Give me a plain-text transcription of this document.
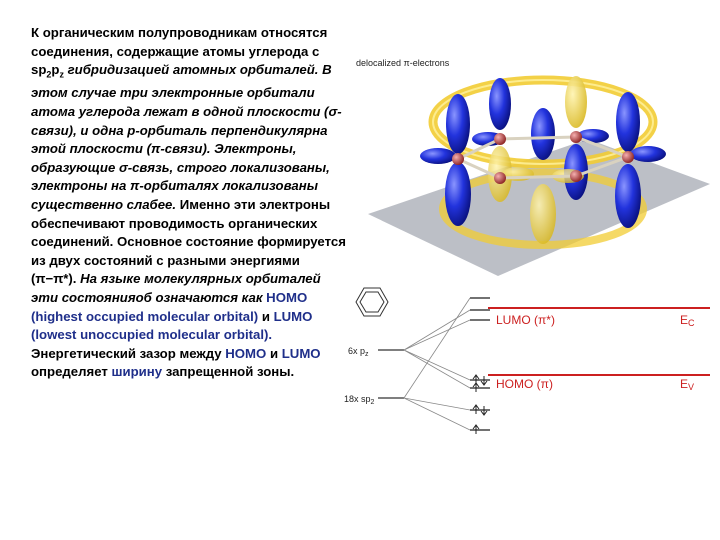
К органическим полупроводникам относятся соединения, содержащие атомы углерода с $sp_2p_z$ гибридизацией атомных орбиталей. В этом случае три электронные орбитали атома углерода лежат в одной плоскости (σ-связи), и одна p-орбиталь перпендикулярна этой плоскости (π-связи). Электроны, образующие σ-связь, строго локализованы, электроны на π-орбиталях локализованы существенно слабее. Именно эти электроны обеспечивают проводимость органических соединений. Основное состояние формируется из двух состояний с разными энергиями (π−π*). На языке молекулярных орбиталей эти состоянияоб означаются как HOMO (highest occupied molecular orbital) и LUMO (lowest unoccupied molecular orbital). Энергетический зазор между HOMO и LUMO определяет ширину запрещенной зоны.
delocalized π-electrons
6x $p_z$
18x $sp_2$
LUMO (π*)	EC
HOMO (π)	EV
